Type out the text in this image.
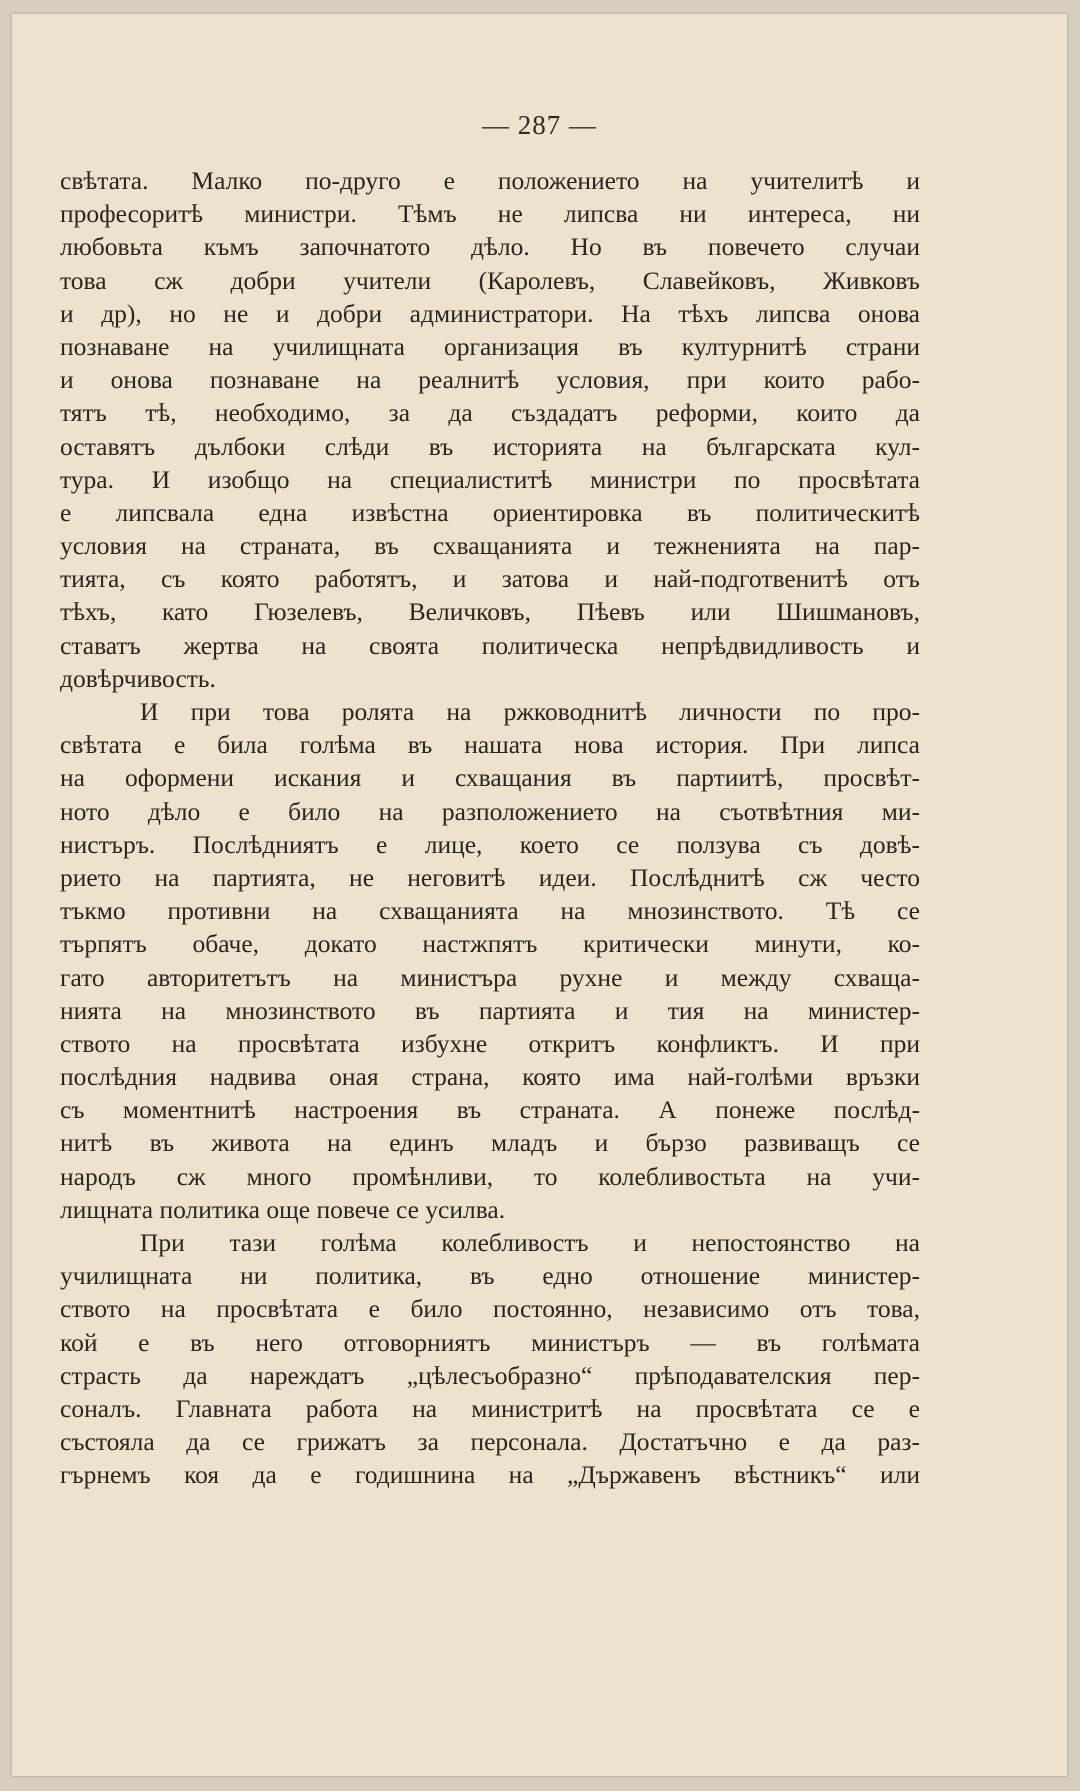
— 287 —
свѣтата. Малко по-друго е положението на учителитѣ и
професоритѣ министри. Тѣмъ не липсва ни интереса, ни
любовьта къмъ започнатото дѣло. Но въ повечето случаи
това сж добри учители (Каролевъ, Славейковъ, Живковъ
и др), но не и добри администратори. На тѣхъ липсва онова
познаване на училищната организация въ културнитѣ страни
и онова познаване на реалнитѣ условия, при които рабо-
тятъ тѣ, необходимо, за да създадатъ реформи, които да
оставятъ дълбоки слѣди въ историята на българската кул-
тура. И изобщо на специалиститѣ министри по просвѣтата
е липсвала една извѣстна ориентировка въ политическитѣ
условия на страната, въ схващанията и тежненията на пар-
тията, съ която работятъ, и затова и най-подготвенитѣ отъ
тѣхъ, като Гюзелевъ, Величковъ, Пѣевъ или Шишмановъ,
ставатъ жертва на своята политическа непрѣдвидливость и
довѣрчивость.
И при това ролята на ржководнитѣ личности по про-
свѣтата е била голѣма въ нашата нова история. При липса
на оформени искания и схващания въ партиитѣ, просвѣт-
ното дѣло е било на разположението на съотвѣтния ми-
нистъръ. Послѣдниятъ е лице, което се ползува съ довѣ-
рието на партията, не неговитѣ идеи. Послѣднитѣ сж често
тъкмо противни на схващанията на мнозинството. Тѣ се
търпятъ обаче, докато настжпятъ критически минути, ко-
гато авторитетътъ на министъра рухне и между схваща-
нията на мнозинството въ партията и тия на министер-
ството на просвѣтата избухне откритъ конфликтъ. И при
послѣдния надвива оная страна, която има най-голѣми връзки
съ моментнитѣ настроения въ страната. А понеже послѣд-
нитѣ въ живота на единъ младъ и бързо развиващъ се
народъ сж много промѣнливи, то колебливостьта на учи-
лищната политика още повече се усилва.
При тази голѣма колебливостъ и непостоянство на
училищната ни политика, въ едно отношение министер-
ството на просвѣтата е било постоянно, независимо отъ това,
кой е въ него отговорниятъ министъръ — въ голѣмата
страсть да нареждатъ „цѣлесъобразно“ прѣподавателския пер-
соналъ. Главната работа на министритѣ на просвѣтата се е
състояла да се грижатъ за персонала. Достатъчно е да раз-
гърнемъ коя да е годишнина на „Държавенъ вѣстникъ“ или
